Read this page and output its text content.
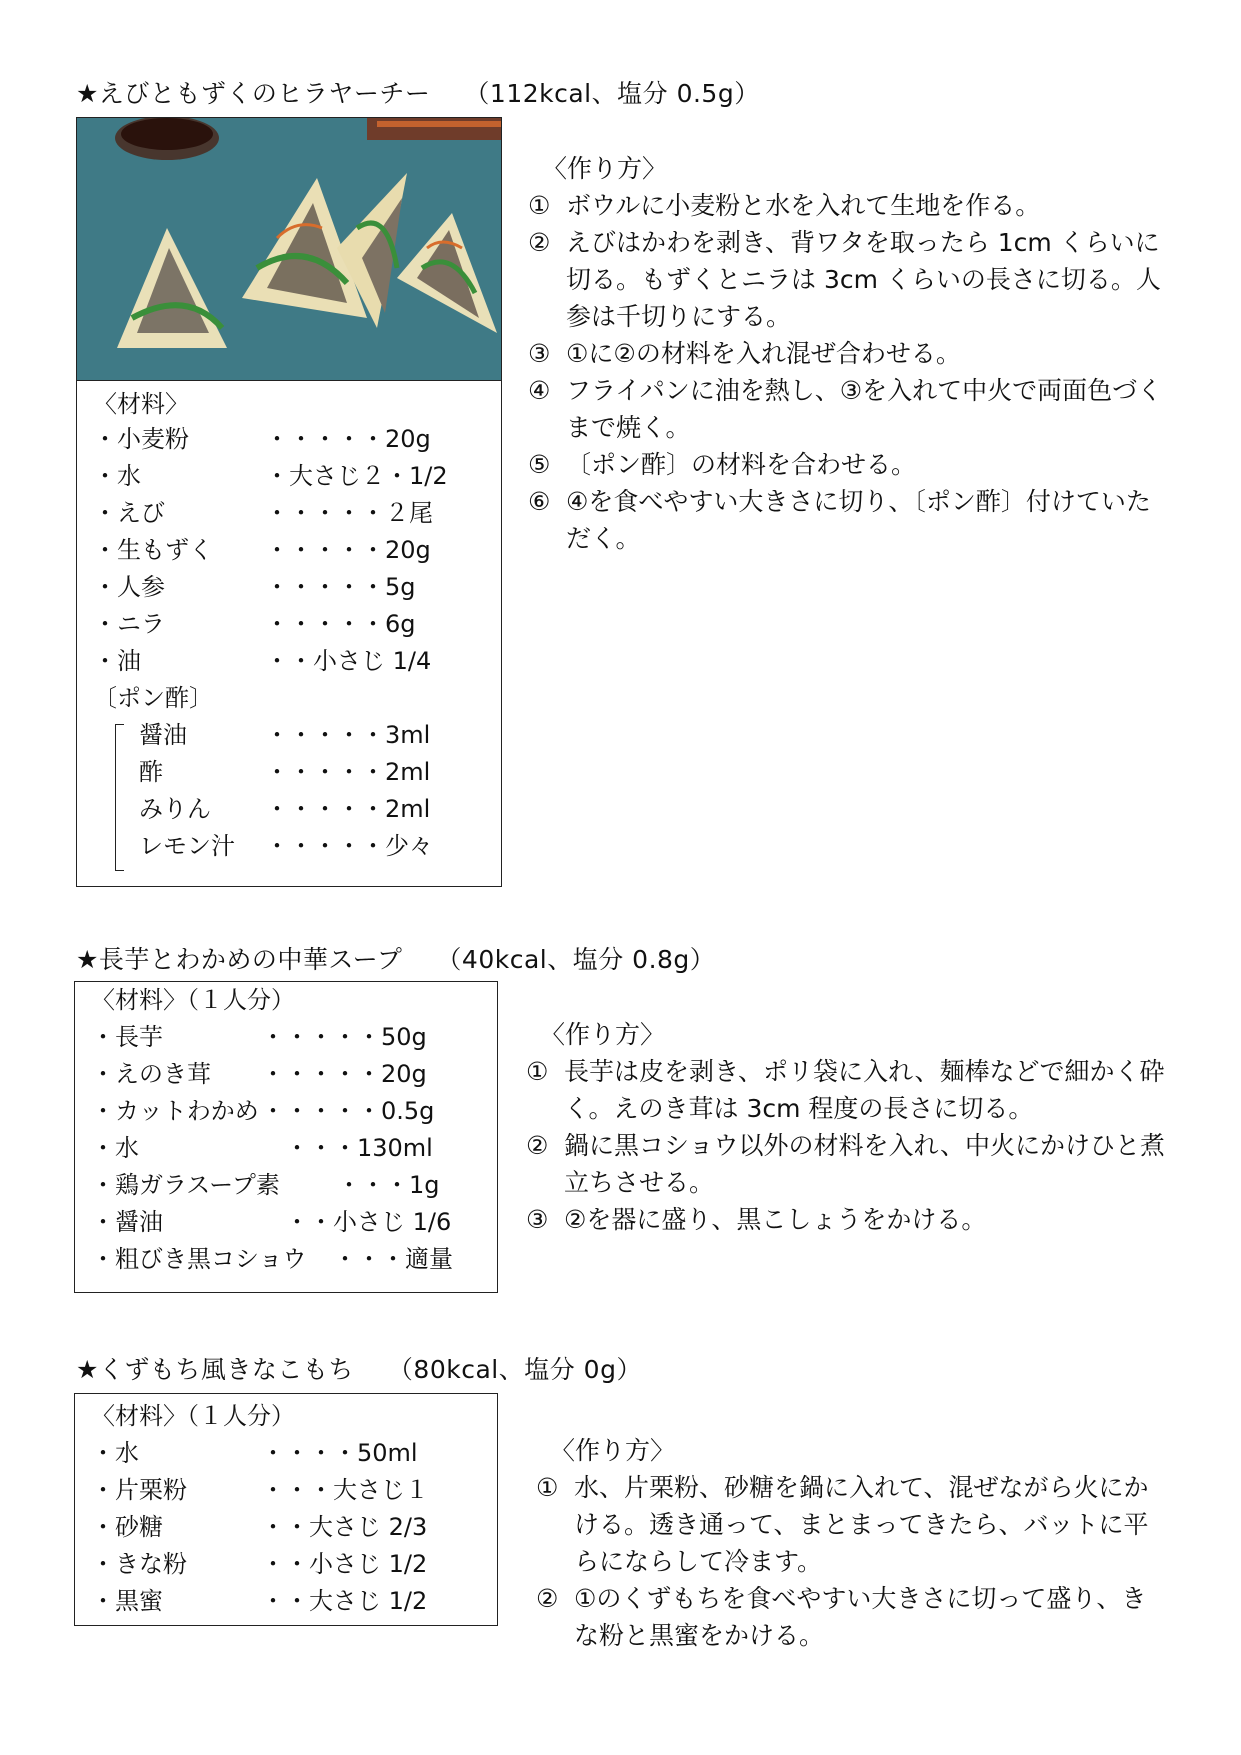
★えびともずくのヒラヤーチー （112kcal、塩分 0.5g）
〈材料〉
・小麦粉	・・・・・20g
・水	・大さじ２・1/2
・えび	・・・・・２尾
・生もずく ・・・・・20g
・人参	・・・・・5g
・ニラ	・・・・・6g
・油	・・小さじ 1/4
〔ポン酢〕
醤油	・・・・・3ml
酢	・・・・・2ml
みりん ・・・・・2ml
レモン汁 ・・・・・少々
〈作り方〉
① ボウルに小麦粉と水を入れて生地を作る。
② えびはかわを剥き、背ワタを取ったら 1cm くらいに切る。もずくとニラは 3cm くらいの長さに切る。人参は千切りにする。
③ ①に②の材料を入れ混ぜ合わせる。
④ フライパンに油を熱し、③を入れて中火で両面色づくまで焼く。
⑤ 〔ポン酢〕の材料を合わせる。
⑥ ④を食べやすい大きさに切り、〔ポン酢〕付けていただく。
★長芋とわかめの中華スープ （40kcal、塩分 0.8g）
〈材料〉（１人分）
・長芋	・・・・・50g
・えのき茸 ・・・・・20g
・カットわかめ ・・・・・0.5g
・水	・・・130ml
・鶏ガラスープ素 ・・・1g
・醤油	・・小さじ 1/6
・粗びき黒コショウ ・・・適量
〈作り方〉
① 長芋は皮を剥き、ポリ袋に入れ、麺棒などで細かく砕く。えのき茸は 3cm 程度の長さに切る。
② 鍋に黒コショウ以外の材料を入れ、中火にかけひと煮立ちさせる。
③ ②を器に盛り、黒こしょうをかける。
★くずもち風きなこもち （80kcal、塩分 0g）
〈材料〉（１人分）
・水	・・・・50ml
・片栗粉	・・・大さじ１
・砂糖	・・大さじ 2/3
・きな粉	・・小さじ 1/2
・黒蜜	・・大さじ 1/2
〈作り方〉
① 水、片栗粉、砂糖を鍋に入れて、混ぜながら火にかける。透き通って、まとまってきたら、バットに平らにならして冷ます。
② ①のくずもちを食べやすい大きさに切って盛り、きな粉と黒蜜をかける。
